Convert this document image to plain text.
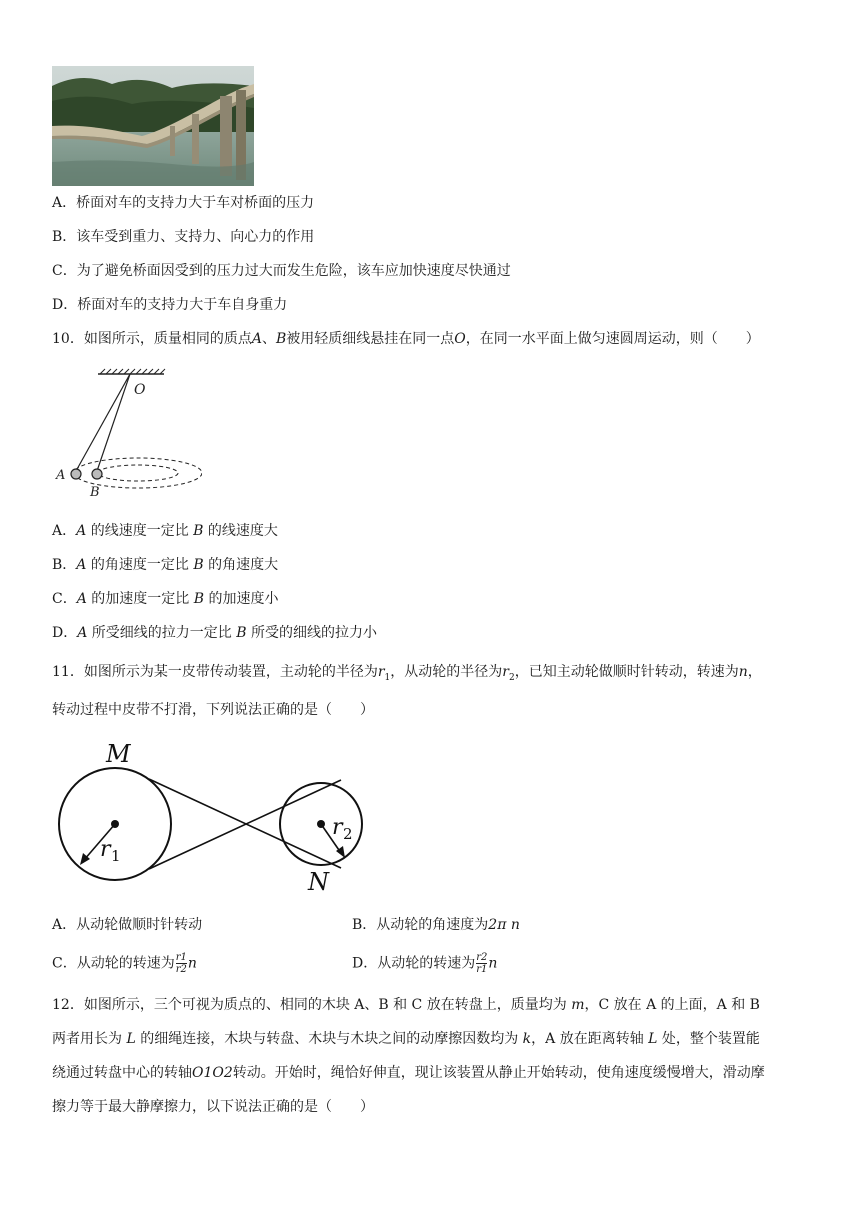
A．桥面对车的支持力大于车对桥面的压力
B．该车受到重力、支持力、向心力的作用
C．为了避免桥面因受到的压力过大而发生危险，该车应加快速度尽快通过
D．桥面对车的支持力大于车自身重力
10．如图所示，质量相同的质点A、B被用轻质细线悬挂在同一点O，在同一水平面上做匀速圆周运动，则（　　）
O
A
B
A．A 的线速度一定比 B 的线速度大
B．A 的角速度一定比 B 的角速度大
C．A 的加速度一定比 B 的加速度小
D．A 所受细线的拉力一定比 B 所受的细线的拉力小
11．如图所示为某一皮带传动装置，主动轮的半径为$r_1$，从动轮的半径为$r_2$，已知主动轮做顺时针转动，转速为n，
转动过程中皮带不打滑，下列说法正确的是（　　）
M
N
r 1
r 2
A．从动轮做顺时针转动	B．从动轮的角速度为2π n
C．从动轮的转速为 $\frac{r1}{r2}$ n	D．从动轮的转速为 $\frac{r2}{r1}$ n
12．如图所示，三个可视为质点的、相同的木块 A、B 和 C 放在转盘上，质量均为 m，C 放在 A 的上面，A 和 B
两者用长为 L 的细绳连接，木块与转盘、木块与木块之间的动摩擦因数均为 k，A 放在距离转轴 L 处，整个装置能
绕通过转盘中心的转轴O1O2转动。开始时，绳恰好伸直，现让该装置从静止开始转动，使角速度缓慢增大，滑动摩
擦力等于最大静摩擦力，以下说法正确的是（　　）
